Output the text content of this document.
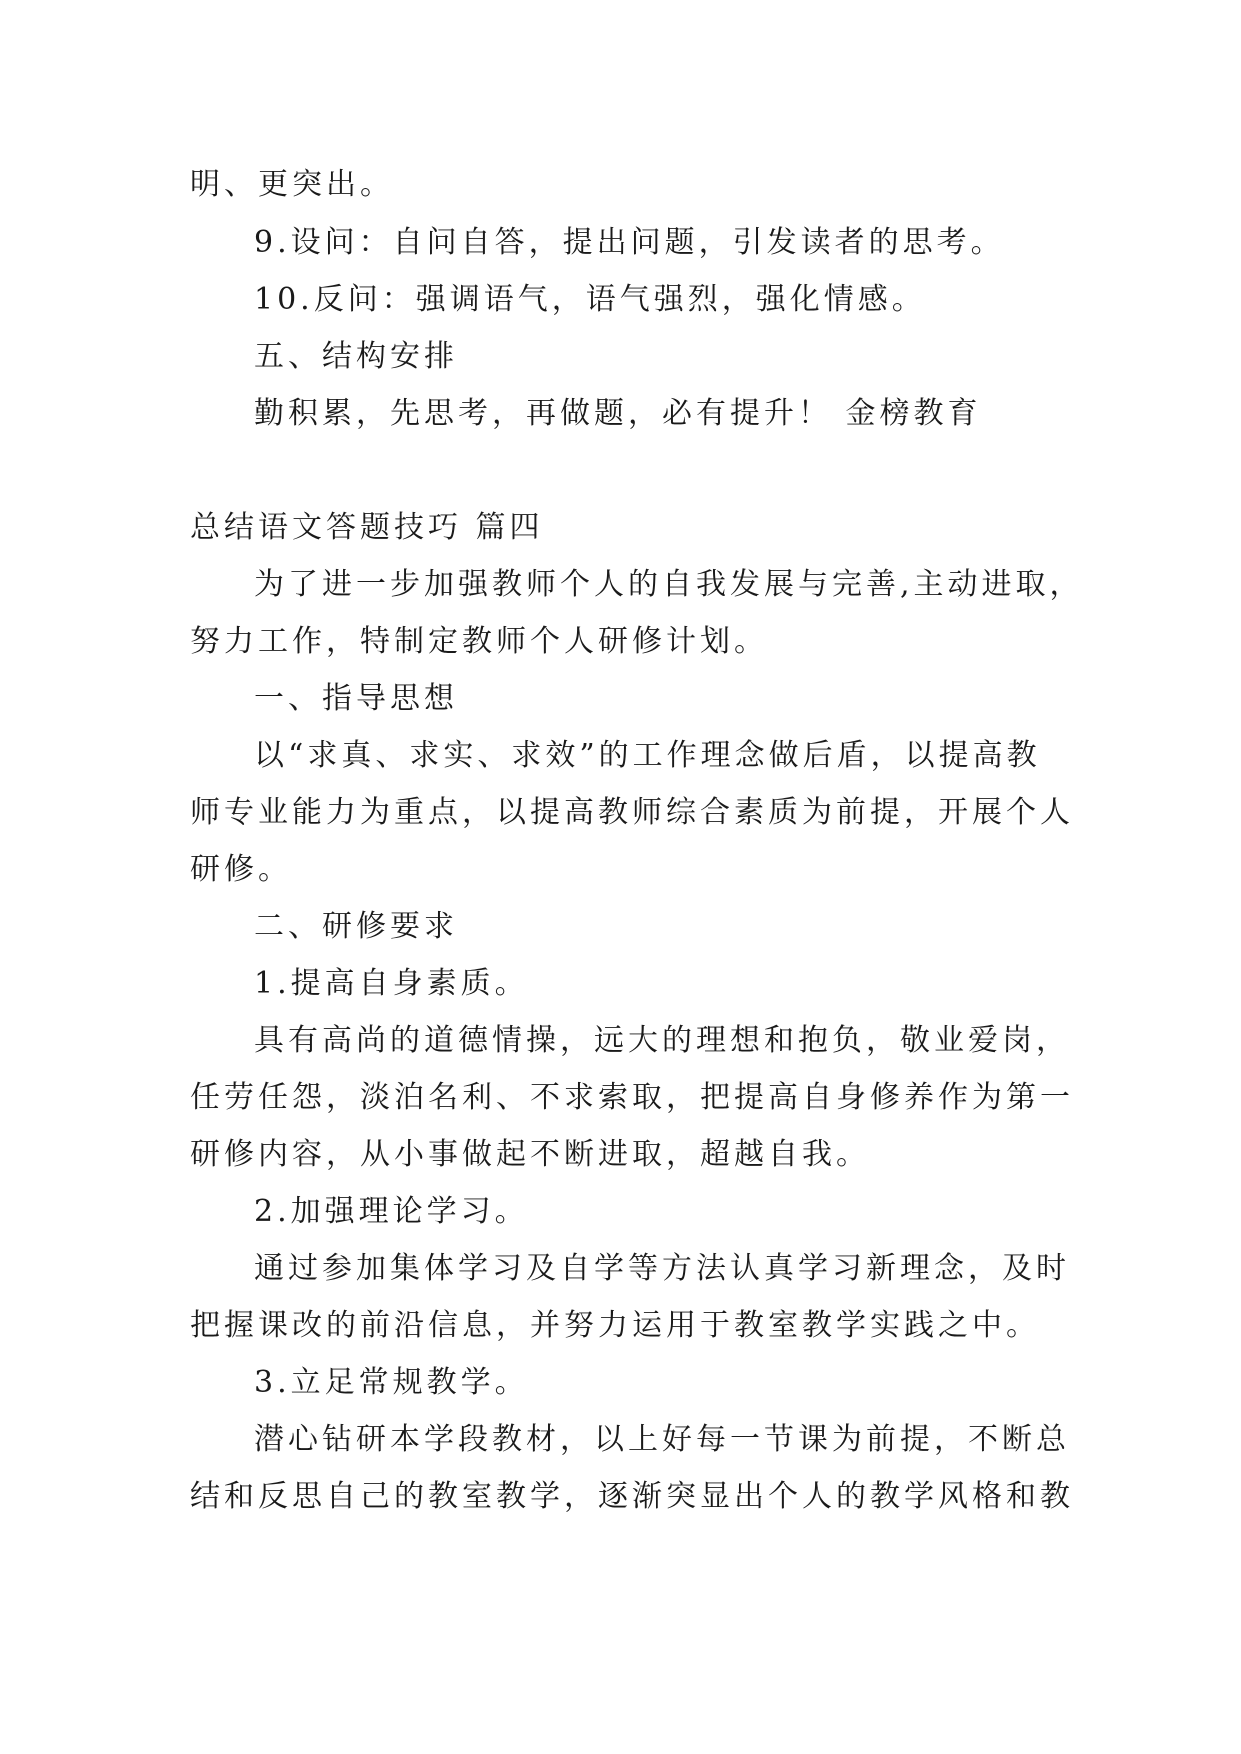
明、更突出。

9.设问：自问自答，提出问题，引发读者的思考。

10.反问：强调语气，语气强烈，强化情感。

五、结构安排

勤积累，先思考，再做题，必有提升！ 金榜教育

总结语文答题技巧 篇四

为了进一步加强教师个人的自我发展与完善,主动进取，

努力工作，特制定教师个人研修计划。

一、指导思想

以“求真、求实、求效”的工作理念做后盾，以提高教

师专业能力为重点，以提高教师综合素质为前提，开展个人

研修。

二、研修要求

1.提高自身素质。

具有高尚的道德情操，远大的理想和抱负，敬业爱岗，

任劳任怨，淡泊名利、不求索取，把提高自身修养作为第一

研修内容，从小事做起不断进取，超越自我。

2.加强理论学习。

通过参加集体学习及自学等方法认真学习新理念，及时

把握课改的前沿信息，并努力运用于教室教学实践之中。

3.立足常规教学。

潜心钻研本学段教材，以上好每一节课为前提，不断总

结和反思自己的教室教学，逐渐突显出个人的教学风格和教
